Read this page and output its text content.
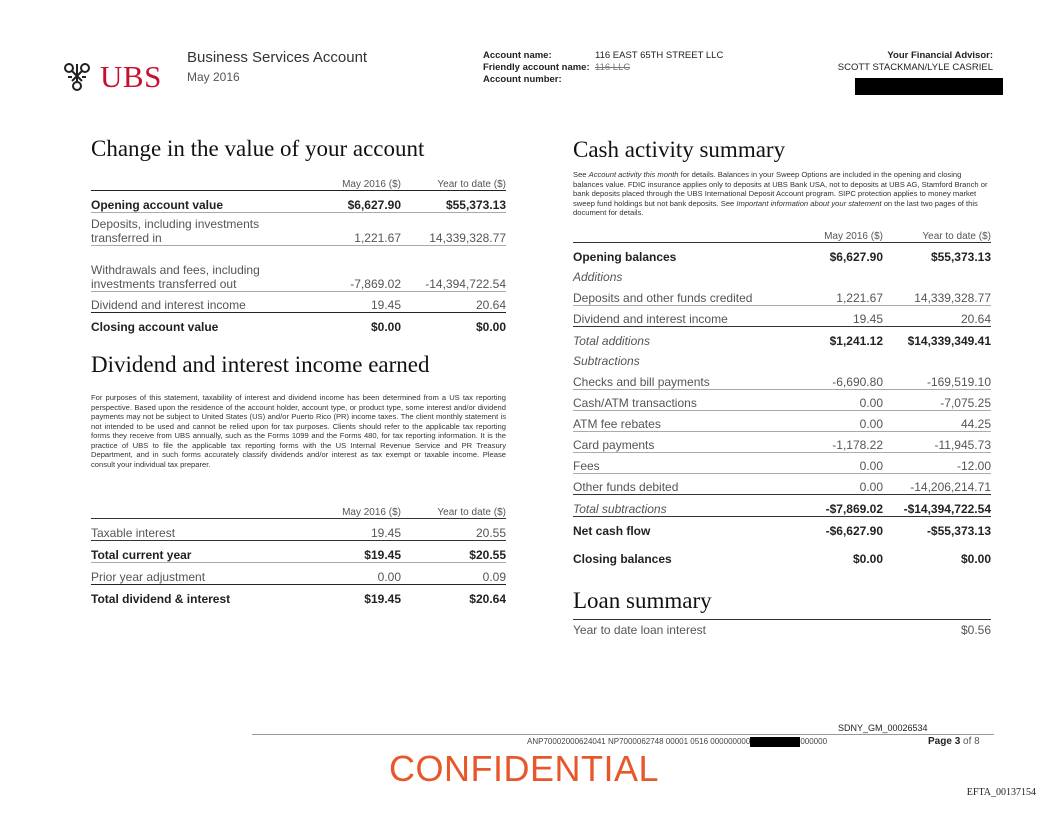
UBS
Business Services Account
May 2016
Account name:	116 EAST 65TH STREET LLC
Friendly account name: 116 LLC
Account number:
Your Financial Advisor:
SCOTT STACKMAN/LYLE CASRIEL
Change in the value of your account
	May 2016 ($)	Year to date ($)
Opening account value	$6,627.90	$55,373.13
Deposits, including investments transferred in	1,221.67	14,339,328.77
Withdrawals and fees, including investments transferred out	-7,869.02	-14,394,722.54
Dividend and interest income	19.45	20.64
Closing account value	$0.00	$0.00
Dividend and interest income earned
For purposes of this statement, taxability of interest and dividend income has been determined from a US tax reporting perspective. Based upon the residence of the account holder, account type, or product type, some interest and/or dividend payments may not be subject to United States (US) and/or Puerto Rico (PR) income taxes. The client monthly statement is not intended to be used and cannot be relied upon for tax purposes. Clients should refer to the applicable tax reporting forms they receive from UBS annually, such as the Forms 1099 and the Forms 480, for tax reporting information. It is the practice of UBS to file the applicable tax reporting forms with the US Internal Revenue Service and PR Treasury Department, and in such forms accurately classify dividends and/or interest as tax exempt or taxable income. Please consult your individual tax preparer.
	May 2016 ($)	Year to date ($)
Taxable interest	19.45	20.55
Total current year	$19.45	$20.55
Prior year adjustment	0.00	0.09
Total dividend & interest	$19.45	$20.64
Cash activity summary
See Account activity this month for details. Balances in your Sweep Options are included in the opening and closing balances value. FDIC insurance applies only to deposits at UBS Bank USA, not to deposits at UBS AG, Stamford Branch or bank deposits placed through the UBS International Deposit Account program. SIPC protection applies to money market sweep fund holdings but not bank deposits. See Important information about your statement on the last two pages of this document for details.
	May 2016 ($)	Year to date ($)
Opening balances	$6,627.90	$55,373.13
Additions		
Deposits and other funds credited	1,221.67	14,339,328.77
Dividend and interest income	19.45	20.64
Total additions	$1,241.12	$14,339,349.41
Subtractions		
Checks and bill payments	-6,690.80	-169,519.10
Cash/ATM transactions	0.00	-7,075.25
ATM fee rebates	0.00	44.25
Card payments	-1,178.22	-11,945.73
Fees	0.00	-12.00
Other funds debited	0.00	-14,206,214.71
Total subtractions	-$7,869.02	-$14,394,722.54
Net cash flow	-$6,627.90	-$55,373.13
Closing balances	$0.00	$0.00
Loan summary
Year to date loan interest	$0.56
SDNY_GM_00026534
ANP70002000624041 NP7000062748 00001 0516 000000000	000000	Page 3 of 8
CONFIDENTIAL
EFTA_00137154
